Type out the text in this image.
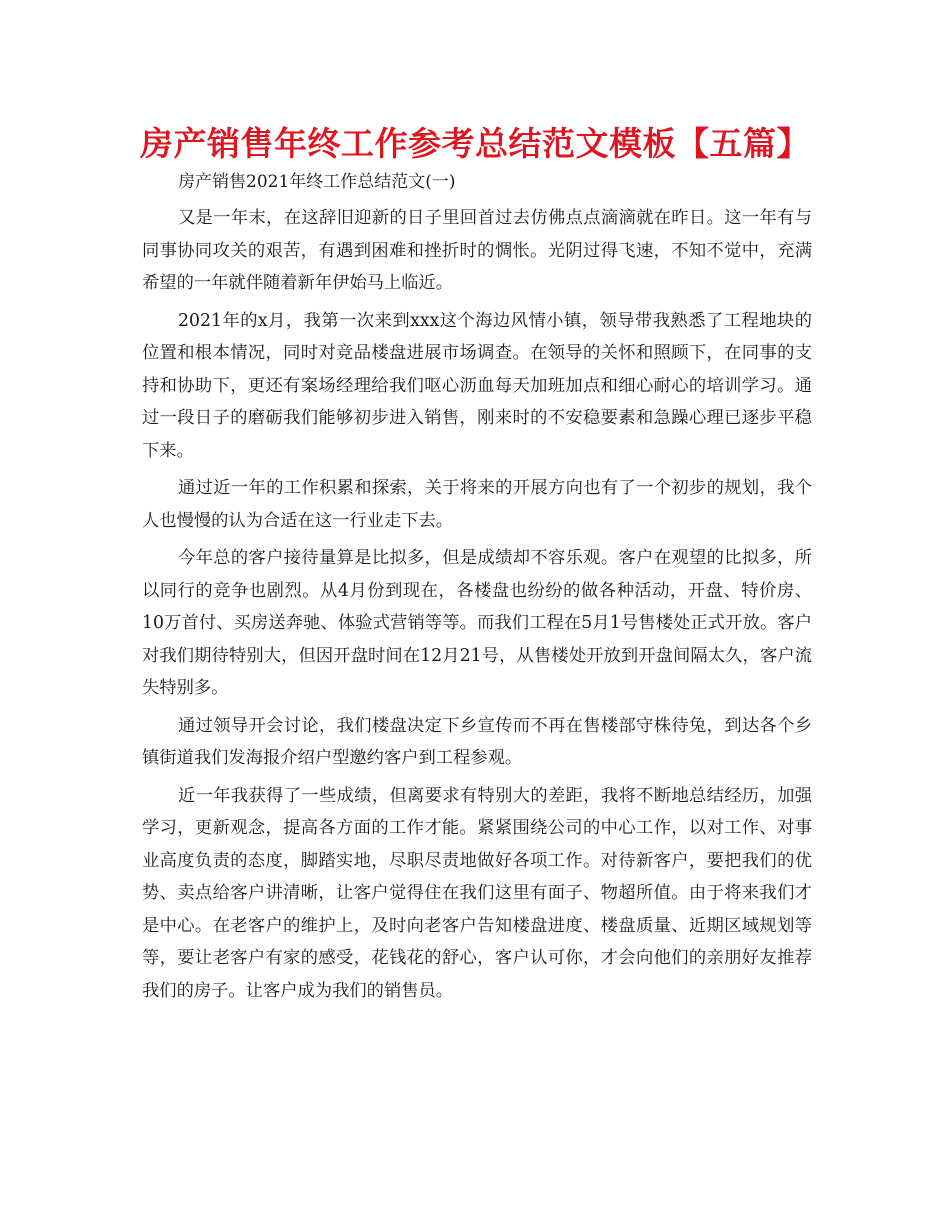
房产销售年终工作参考总结范文模板【五篇】
房产销售2021年终工作总结范文(一)

又是一年末，在这辞旧迎新的日子里回首过去仿佛点点滴滴就在昨日。这一年有与同事协同攻关的艰苦，有遇到困难和挫折时的惆怅。光阴过得飞速，不知不觉中，充满希望的一年就伴随着新年伊始马上临近。

2021年的x月，我第一次来到xxx这个海边风情小镇，领导带我熟悉了工程地块的位置和根本情况，同时对竞品楼盘进展市场调查。在领导的关怀和照顾下，在同事的支持和协助下，更还有案场经理给我们呕心沥血每天加班加点和细心耐心的培训学习。通过一段日子的磨砺我们能够初步进入销售，刚来时的不安稳要素和急躁心理已逐步平稳下来。

通过近一年的工作积累和探索，关于将来的开展方向也有了一个初步的规划，我个人也慢慢的认为合适在这一行业走下去。

今年总的客户接待量算是比拟多，但是成绩却不容乐观。客户在观望的比拟多，所以同行的竞争也剧烈。从4月份到现在，各楼盘也纷纷的做各种活动，开盘、特价房、10万首付、买房送奔驰、体验式营销等等。而我们工程在5月1号售楼处正式开放。客户对我们期待特别大，但因开盘时间在12月21号，从售楼处开放到开盘间隔太久，客户流失特别多。

通过领导开会讨论，我们楼盘决定下乡宣传而不再在售楼部守株待兔，到达各个乡镇街道我们发海报介绍户型邀约客户到工程参观。

近一年我获得了一些成绩，但离要求有特别大的差距，我将不断地总结经历，加强学习，更新观念，提高各方面的工作才能。紧紧围绕公司的中心工作，以对工作、对事业高度负责的态度，脚踏实地，尽职尽责地做好各项工作。对待新客户，要把我们的优势、卖点给客户讲清晰，让客户觉得住在我们这里有面子、物超所值。由于将来我们才是中心。在老客户的维护上，及时向老客户告知楼盘进度、楼盘质量、近期区域规划等等，要让老客户有家的感受，花钱花的舒心，客户认可你，才会向他们的亲朋好友推荐我们的房子。让客户成为我们的销售员。
